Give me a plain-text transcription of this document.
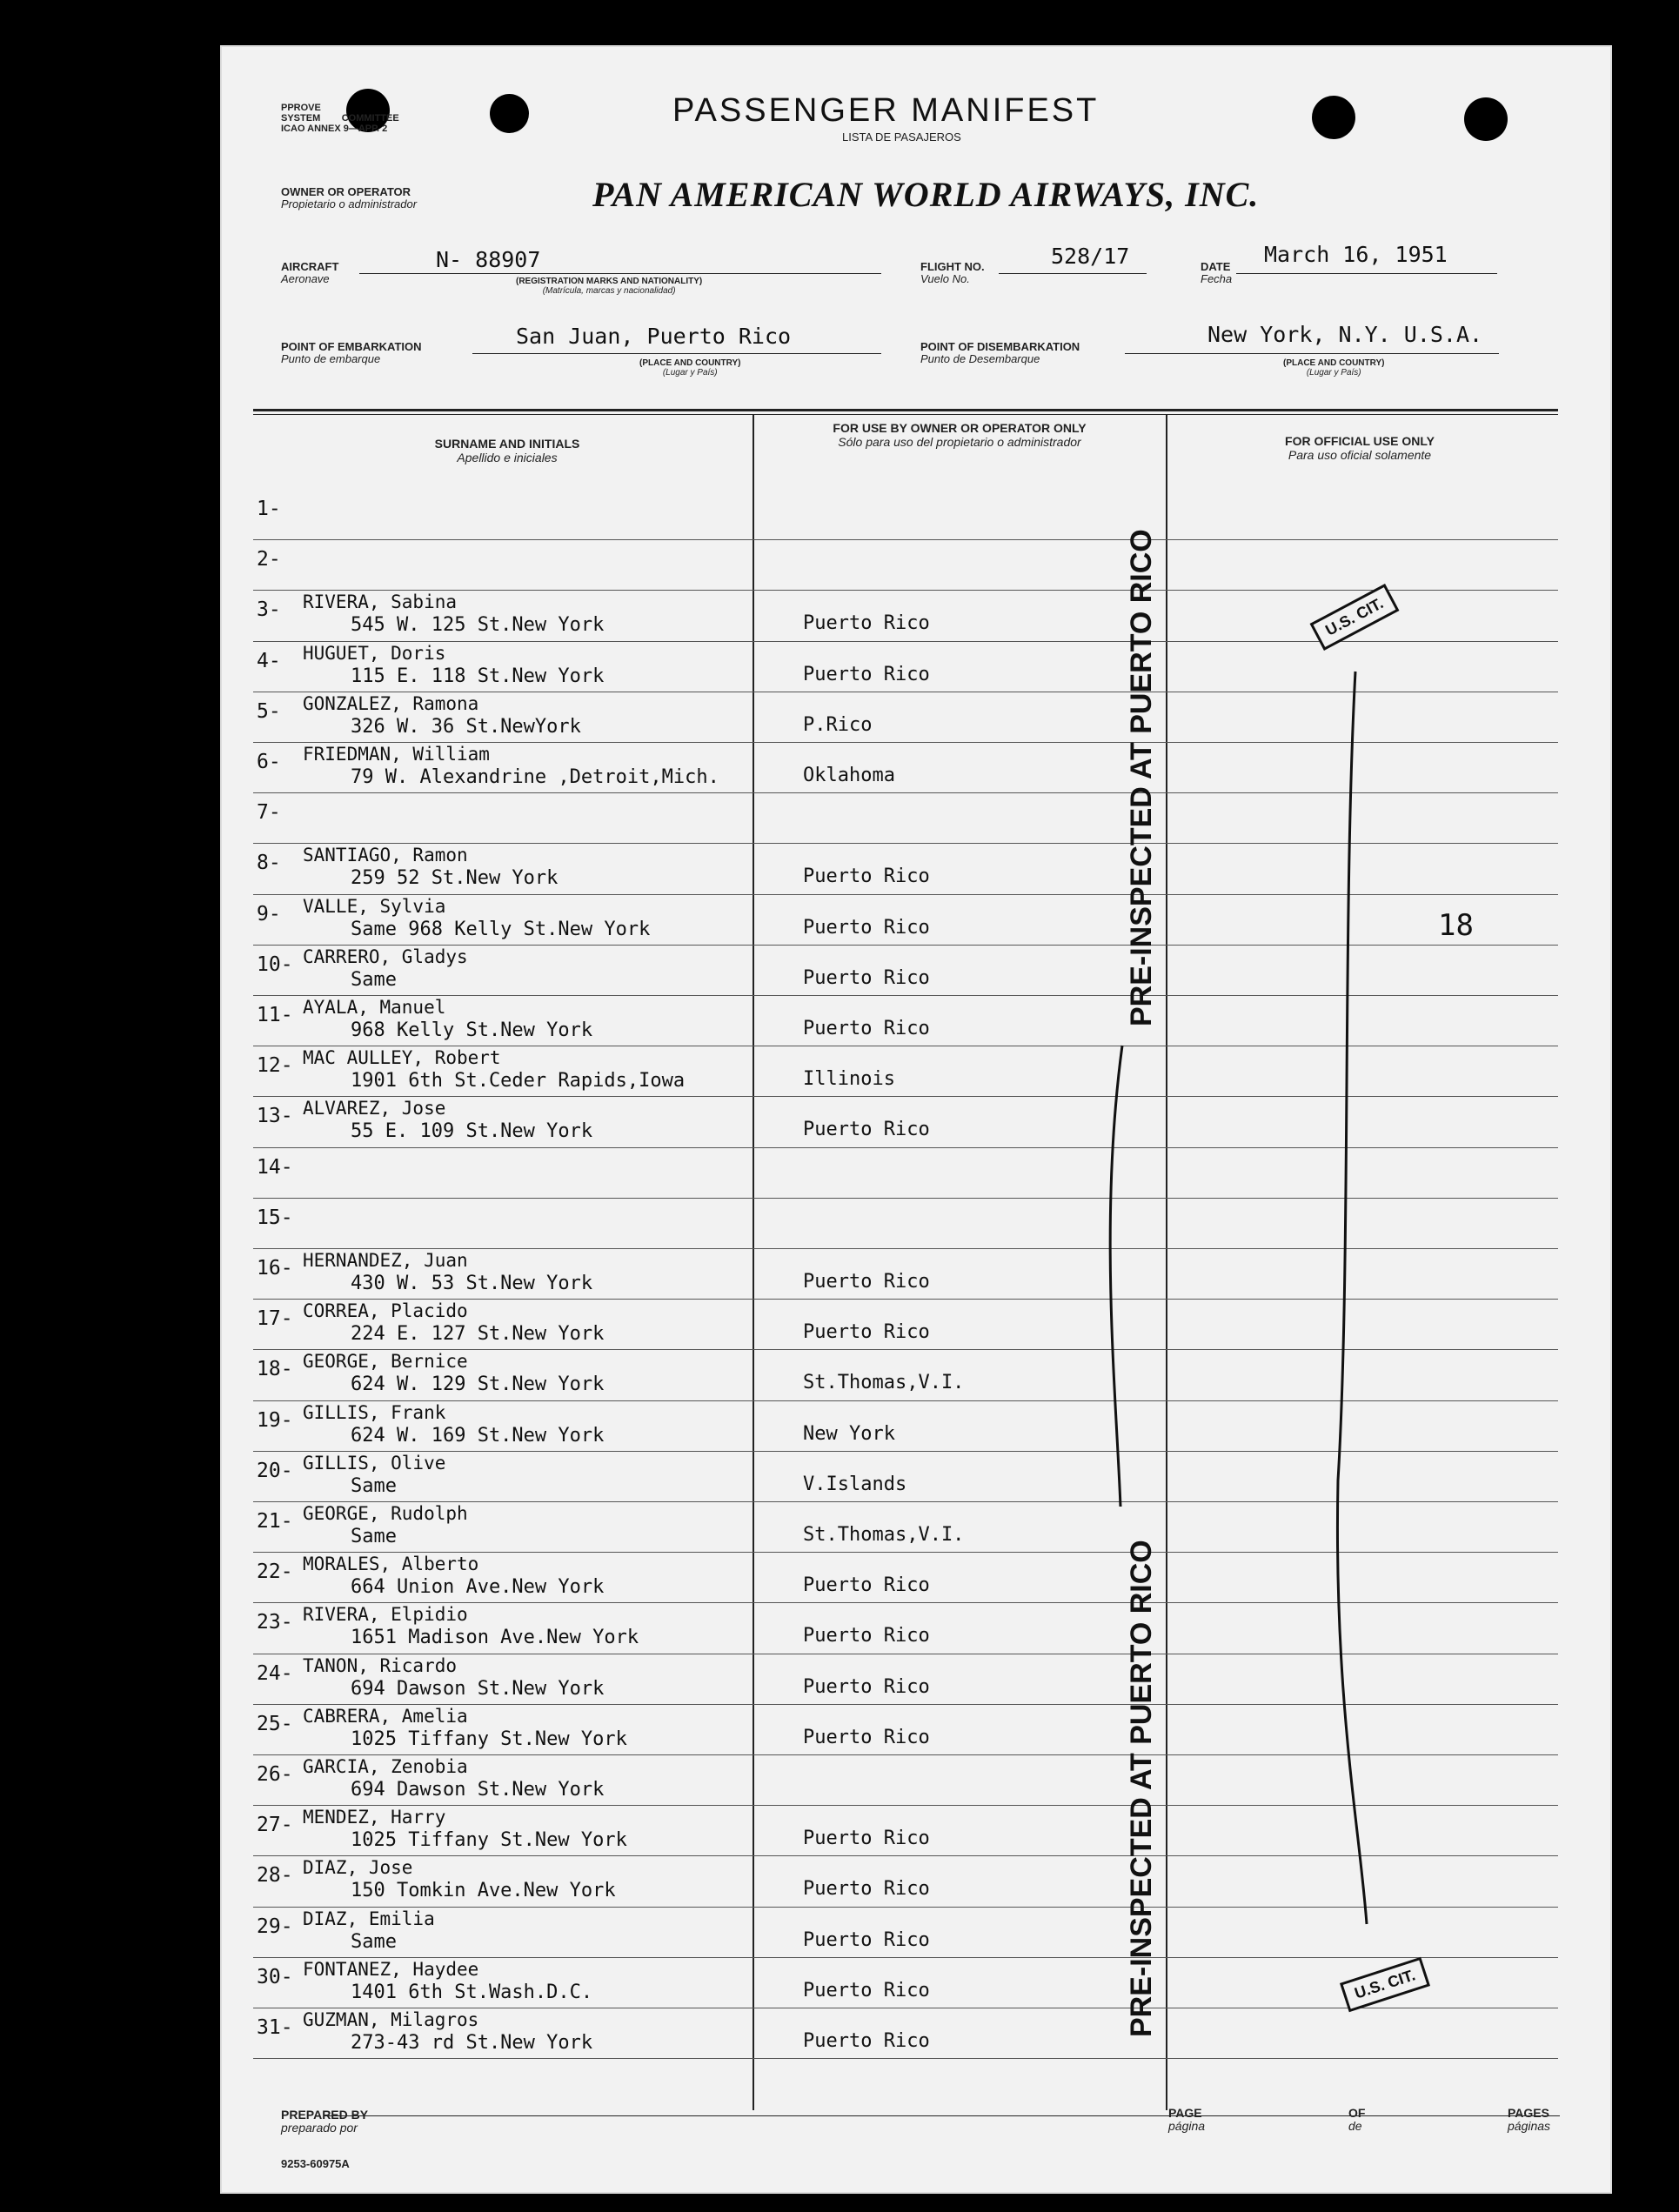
PPROVE
SYSTEM COMMITTEE
ICAO ANNEX 9—APP. 2	PASSENGER MANIFEST
LISTA DE PASAJEROS
OWNER OR OPERATOR
Propietario o administrador	PAN AMERICAN WORLD AIRWAYS, INC.
AIRCRAFT
Aeronave
N- 88907
(REGISTRATION MARKS AND NATIONALITY)
(Matrícula, marcas y nacionalidad)
FLIGHT NO.
Vuelo No.
528/17	DATE
Fecha
March 16, 1951
POINT OF EMBARKATION
Punto de embarque
San Juan, Puerto Rico
(PLACE AND COUNTRY)
(Lugar y País)
POINT OF DISEMBARKATION
Punto de Desembarque
New York, N.Y. U.S.A.
(PLACE AND COUNTRY)
(Lugar y País)
SURNAME AND INITIALS
Apellido e iniciales
FOR USE BY OWNER OR OPERATOR ONLY
Sólo para uso del propietario o administrador	FOR OFFICIAL USE ONLY
Para uso oficial solamente
1-
2-
3- RIVERA, Sabina
545 W. 125 St.New York	Puerto Rico
4- HUGUET, Doris
115 E. 118 St.New York	Puerto Rico
5- GONZALEZ, Ramona
326 W. 36 St.NewYork	P.Rico
6- FRIEDMAN, William
79 W. Alexandrine ,Detroit,Mich.	Oklahoma
7-
8- SANTIAGO, Ramon
259 52 St.New York	Puerto Rico
9- VALLE, Sylvia
Same 968 Kelly St.New York	Puerto Rico
10- CARRERO, Gladys
Same	Puerto Rico
11- AYALA, Manuel
968 Kelly St.New York	Puerto Rico
12- MAC AULLEY, Robert
1901 6th St.Ceder Rapids,Iowa	Illinois
13- ALVAREZ, Jose
55 E. 109 St.New York	Puerto Rico
14-
15-
16- HERNANDEZ, Juan
430 W. 53 St.New York	Puerto Rico
17- CORREA, Placido
224 E. 127 St.New York	Puerto Rico
18- GEORGE, Bernice
624 W. 129 St.New York	St.Thomas,V.I.
19- GILLIS, Frank
624 W. 169 St.New York	New York
20- GILLIS, Olive
Same	V.Islands
21- GEORGE, Rudolph
Same	St.Thomas,V.I.
22- MORALES, Alberto
664 Union Ave.New York	Puerto Rico
23- RIVERA, Elpidio
1651 Madison Ave.New York	Puerto Rico
24- TANON, Ricardo
694 Dawson St.New York	Puerto Rico
25- CABRERA, Amelia
1025 Tiffany St.New York	Puerto Rico
26- GARCIA, Zenobia
694 Dawson St.New York
27- MENDEZ, Harry
1025 Tiffany St.New York	Puerto Rico
28- DIAZ, Jose
150 Tomkin Ave.New York	Puerto Rico
29- DIAZ, Emilia
Same	Puerto Rico
30- FONTANEZ, Haydee
1401 6th St.Wash.D.C.	Puerto Rico
31- GUZMAN, Milagros
273-43 rd St.New York	Puerto Rico
PRE-INSPECTED AT PUERTO RICO
PRE-INSPECTED AT PUERTO RICO
U.S. CIT.
U.S. CIT.
18
PREPARED BY
preparado por
PAGE
página
OF
de
PAGES
páginas
9253-60975A
